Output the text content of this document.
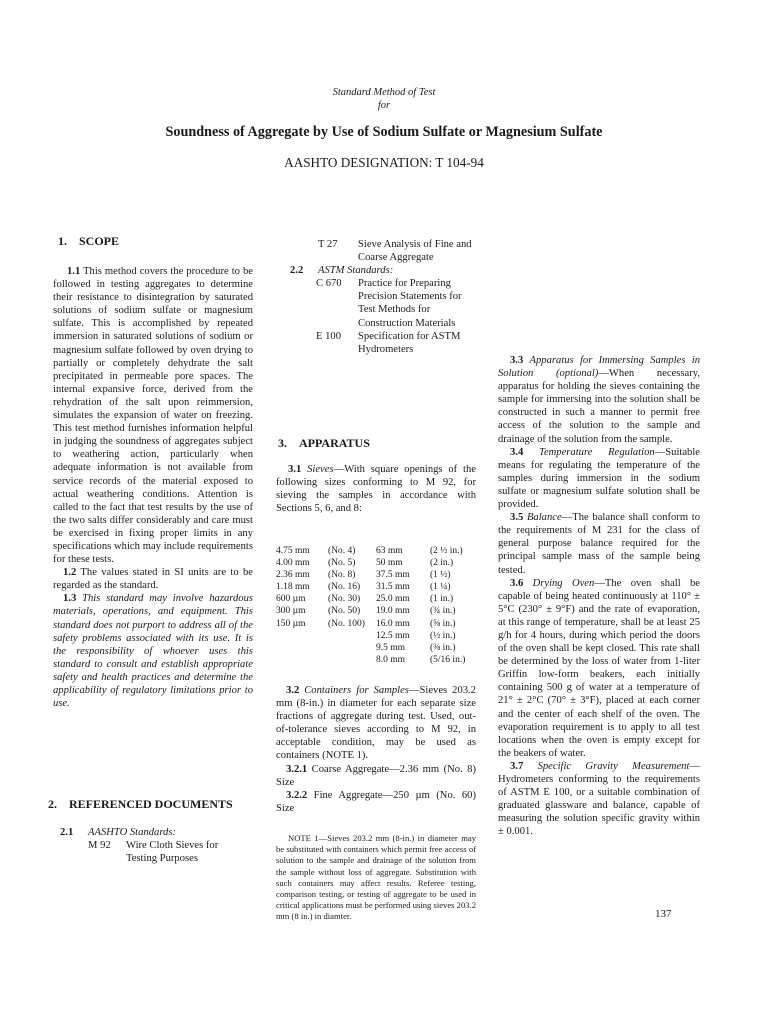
Standard Method of Test
for
Soundness of Aggregate by Use of Sodium Sulfate or Magnesium Sulfate
AASHTO DESIGNATION: T 104-94
1. SCOPE

1.1 This method covers the procedure to be followed in testing aggregates to determine their resistance to disintegration by saturated solutions of sodium sulfate or magnesium sulfate. This is accomplished by repeated immersion in saturated solutions of sodium or magnesium sulfate followed by oven drying to partially or completely dehydrate the salt precipitated in permeable pore spaces. The internal expansive force, derived from the rehydration of the salt upon reimmersion, simulates the expansion of water on freezing. This test method furnishes information helpful in judging the soundness of aggregates subject to weathering action, particularly when adequate information is not available from service records of the material exposed to actual weathering conditions. Attention is called to the fact that test results by the use of the two salts differ considerably and care must be exercised in fixing proper limits in any specifications which may include requirements for these tests.

1.2 The values stated in SI units are to be regarded as the standard.

1.3 This standard may involve hazardous materials, operations, and equipment. This standard does not purport to address all of the safety problems associated with its use. It is the responsibility of whoever uses this standard to consult and establish appropriate safety and health practices and determine the applicability of regulatory limitations prior to use.

2. REFERENCED DOCUMENTS
2.1	AASHTO Standards:
M 92	Wire Cloth Sieves for Testing Purposes
T 27	Sieve Analysis of Fine and Coarse Aggregate
2.2	ASTM Standards:
C 670	Practice for Preparing Precision Statements for Test Methods for Construction Materials
E 100	Specification for ASTM Hydrometers
3. APPARATUS

3.1 Sieves—With square openings of the following sizes conforming to M 92, for sieving the samples in accordance with Sections 5, 6, and 8:

4.75 mm	(No. 4)	63 mm	(2 ½ in.)
4.00 mm	(No. 5)	50 mm	(2 in.)
2.36 mm	(No. 8)	37.5 mm	(1 ½)
1.18 mm	(No. 16)	31.5 mm	(1 ¼)
600 µm	(No. 30)	25.0 mm	(1 in.)
300 µm	(No. 50)	19.0 mm	(¾ in.)
150 µm	(No. 100)	16.0 mm	(⅝ in.)
		12.5 mm	(½ in.)
		9.5 mm	(⅜ in.)
		8.0 mm	(5/16 in.)

3.2 Containers for Samples—Sieves 203.2 mm (8-in.) in diameter for each separate size fractions of aggregate during test. Used, out-of-tolerance sieves according to M 92, in acceptable condition, may be used as containers (NOTE 1).

3.2.1 Coarse Aggregate—2.36 mm (No. 8) Size

3.2.2 Fine Aggregate—250 µm (No. 60) Size

NOTE 1—Sieves 203.2 mm (8-in.) in diameter may be substituted with containers which permit free access of solution to the sample and drainage of the solution from the sample without loss of aggregate. Substitution with such containers may affect results. Referee testing, comparison testing, or testing of aggregate to be used in critical applications must be performed using sieves 203.2 mm (8 in.) in diamter.

3.3 Apparatus for Immersing Samples in Solution (optional)—When necessary, apparatus for holding the sieves containing the sample for immersing into the solution shall be constructed in such a manner to permit free access of the solution to the sample and drainage of the solution from the sample.

3.4 Temperature Regulation—Suitable means for regulating the temperature of the samples during immersion in the sodium sulfate or magnesium sulfate solution shall be provided.

3.5 Balance—The balance shall conform to the requirements of M 231 for the class of general purpose balance required for the principal sample mass of the sample being tested.

3.6 Drying Oven—The oven shall be capable of being heated continuously at 110° ± 5°C (230° ± 9°F) and the rate of evaporation, at this range of temperature, shall be at least 25 g/h for 4 hours, during which period the doors of the oven shall be kept closed. This rate shall be determined by the loss of water from 1-liter Griffin low-form beakers, each initially containing 500 g of water at a temperature of 21° ± 2°C (70° ± 3°F), placed at each corner and the center of each shelf of the oven. The evaporation requirement is to apply to all test locations when the oven is empty except for the beakers of water.

3.7 Specific Gravity Measurement—Hydrometers conforming to the requirements of ASTM E 100, or a suitable combination of graduated glassware and balance, capable of measuring the solution specific gravity within ± 0.001.

137
